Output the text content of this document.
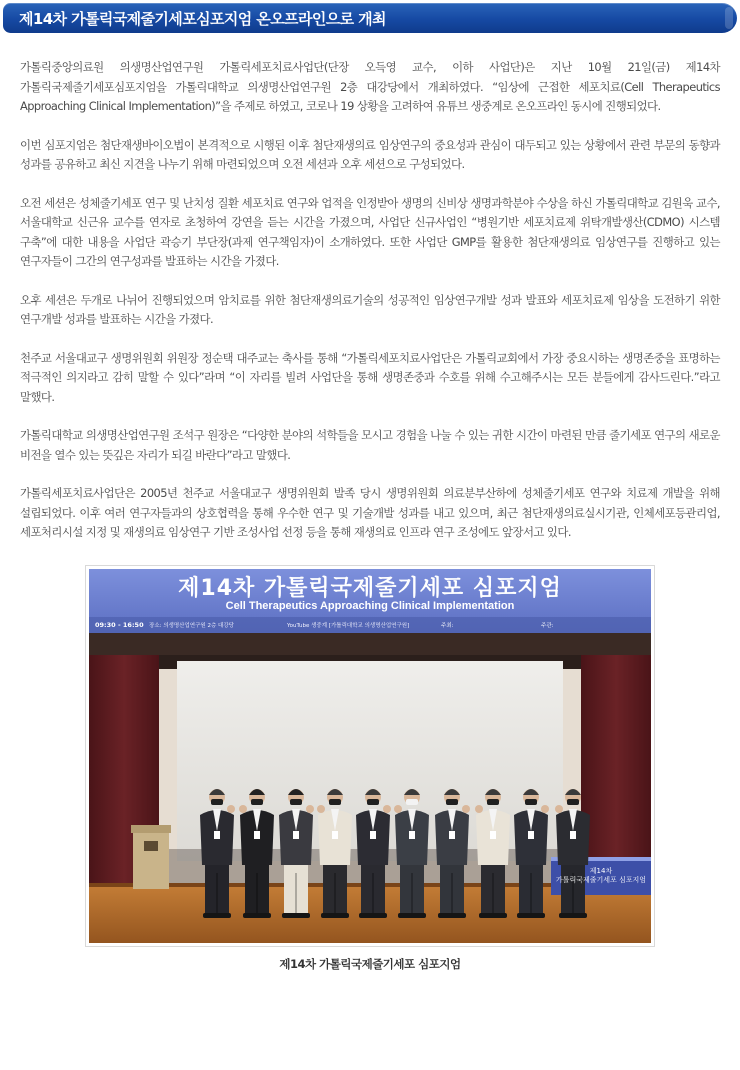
제14차 가톨릭국제줄기세포심포지엄 온오프라인으로 개최

가톨릭중앙의료원 의생명산업연구원 가톨릭세포치료사업단(단장 오득영 교수, 이하 사업단)은 지난 10월 21일(금) 제14차 가톨릭국제줄기세포심포지엄을 가톨릭대학교 의생명산업연구원 2층 대강당에서 개최하였다. “임상에 근접한 세포치료(Cell Therapeutics Approaching Clinical Implementation)”을 주제로 하였고, 코로나 19 상황을 고려하여 유튜브 생중계로 온오프라인 동시에 진행되었다.

이번 심포지엄은 첨단재생바이오법이 본격적으로 시행된 이후 첨단재생의료 임상연구의 중요성과 관심이 대두되고 있는 상황에서 관련 부문의 동향과 성과를 공유하고 최신 지견을 나누기 위해 마련되었으며 오전 세션과 오후 세션으로 구성되었다.

오전 세션은 성체줄기세포 연구 및 난치성 질환 세포치료 연구와 업적을 인정받아 생명의 신비상 생명과학분야 수상을 하신 가톨릭대학교 김원욱 교수, 서울대학교 신근유 교수를 연자로 초청하여 강연을 듣는 시간을 가졌으며, 사업단 신규사업인 “병원기반 세포치료제 위탁개발생산(CDMO) 시스템 구축”에 대한 내용을 사업단 곽승기 부단장(과제 연구책임자)이 소개하였다. 또한 사업단 GMP를 활용한 첨단재생의료 임상연구를 진행하고 있는 연구자들이 그간의 연구성과를 발표하는 시간을 가졌다.

오후 세션은 두개로 나뉘어 진행되었으며 암치료를 위한 첨단재생의료기술의 성공적인 임상연구개발 성과 발표와 세포치료제 임상을 도전하기 위한 연구개발 성과를 발표하는 시간을 가졌다.

천주교 서울대교구 생명위원회 위원장 정순택 대주교는 축사를 통해 “가톨릭세포치료사업단은 가톨릭교회에서 가장 중요시하는 생명존중을 표명하는 적극적인 의지라고 감히 말할 수 있다”라며 “이 자리를 빌려 사업단을 통해 생명존중과 수호를 위해 수고해주시는 모든 분들에게 감사드린다.”라고 말했다.

가톨릭대학교 의생명산업연구원 조석구 원장은 “다양한 분야의 석학들을 모시고 경험을 나눌 수 있는 귀한 시간이 마련된 만큼 줄기세포 연구의 새로운 비전을 열수 있는 뜻깊은 자리가 되길 바란다”라고 말했다.

가톨릭세포치료사업단은 2005년 천주교 서울대교구 생명위원회 발족 당시 생명위원회 의료분부산하에 성체줄기세포 연구와 치료제 개발을 위해 설립되었다. 이후 여러 연구자들과의 상호협력을 통해 우수한 연구 및 기술개발 성과를 내고 있으며, 최근 첨단재생의료실시기관, 인체세포등관리업, 세포처리시설 지정 및 재생의료 임상연구 기반 조성사업 선정 등을 통해 재생의료 인프라 연구 조성에도 앞장서고 있다.

제14차 가톨릭국제줄기세포 심포지엄
Cell Therapeutics Approaching Clinical Implementation
09:30 - 16:50 장소: 의생명산업연구원 2층 대강당	YouTube 생중계 [가톨릭대학교 의생명산업연구원]	주최:	주관:
제14차
가톨릭국제줄기세포 심포지엄
제14차 가톨릭국제줄기세포 심포지엄
